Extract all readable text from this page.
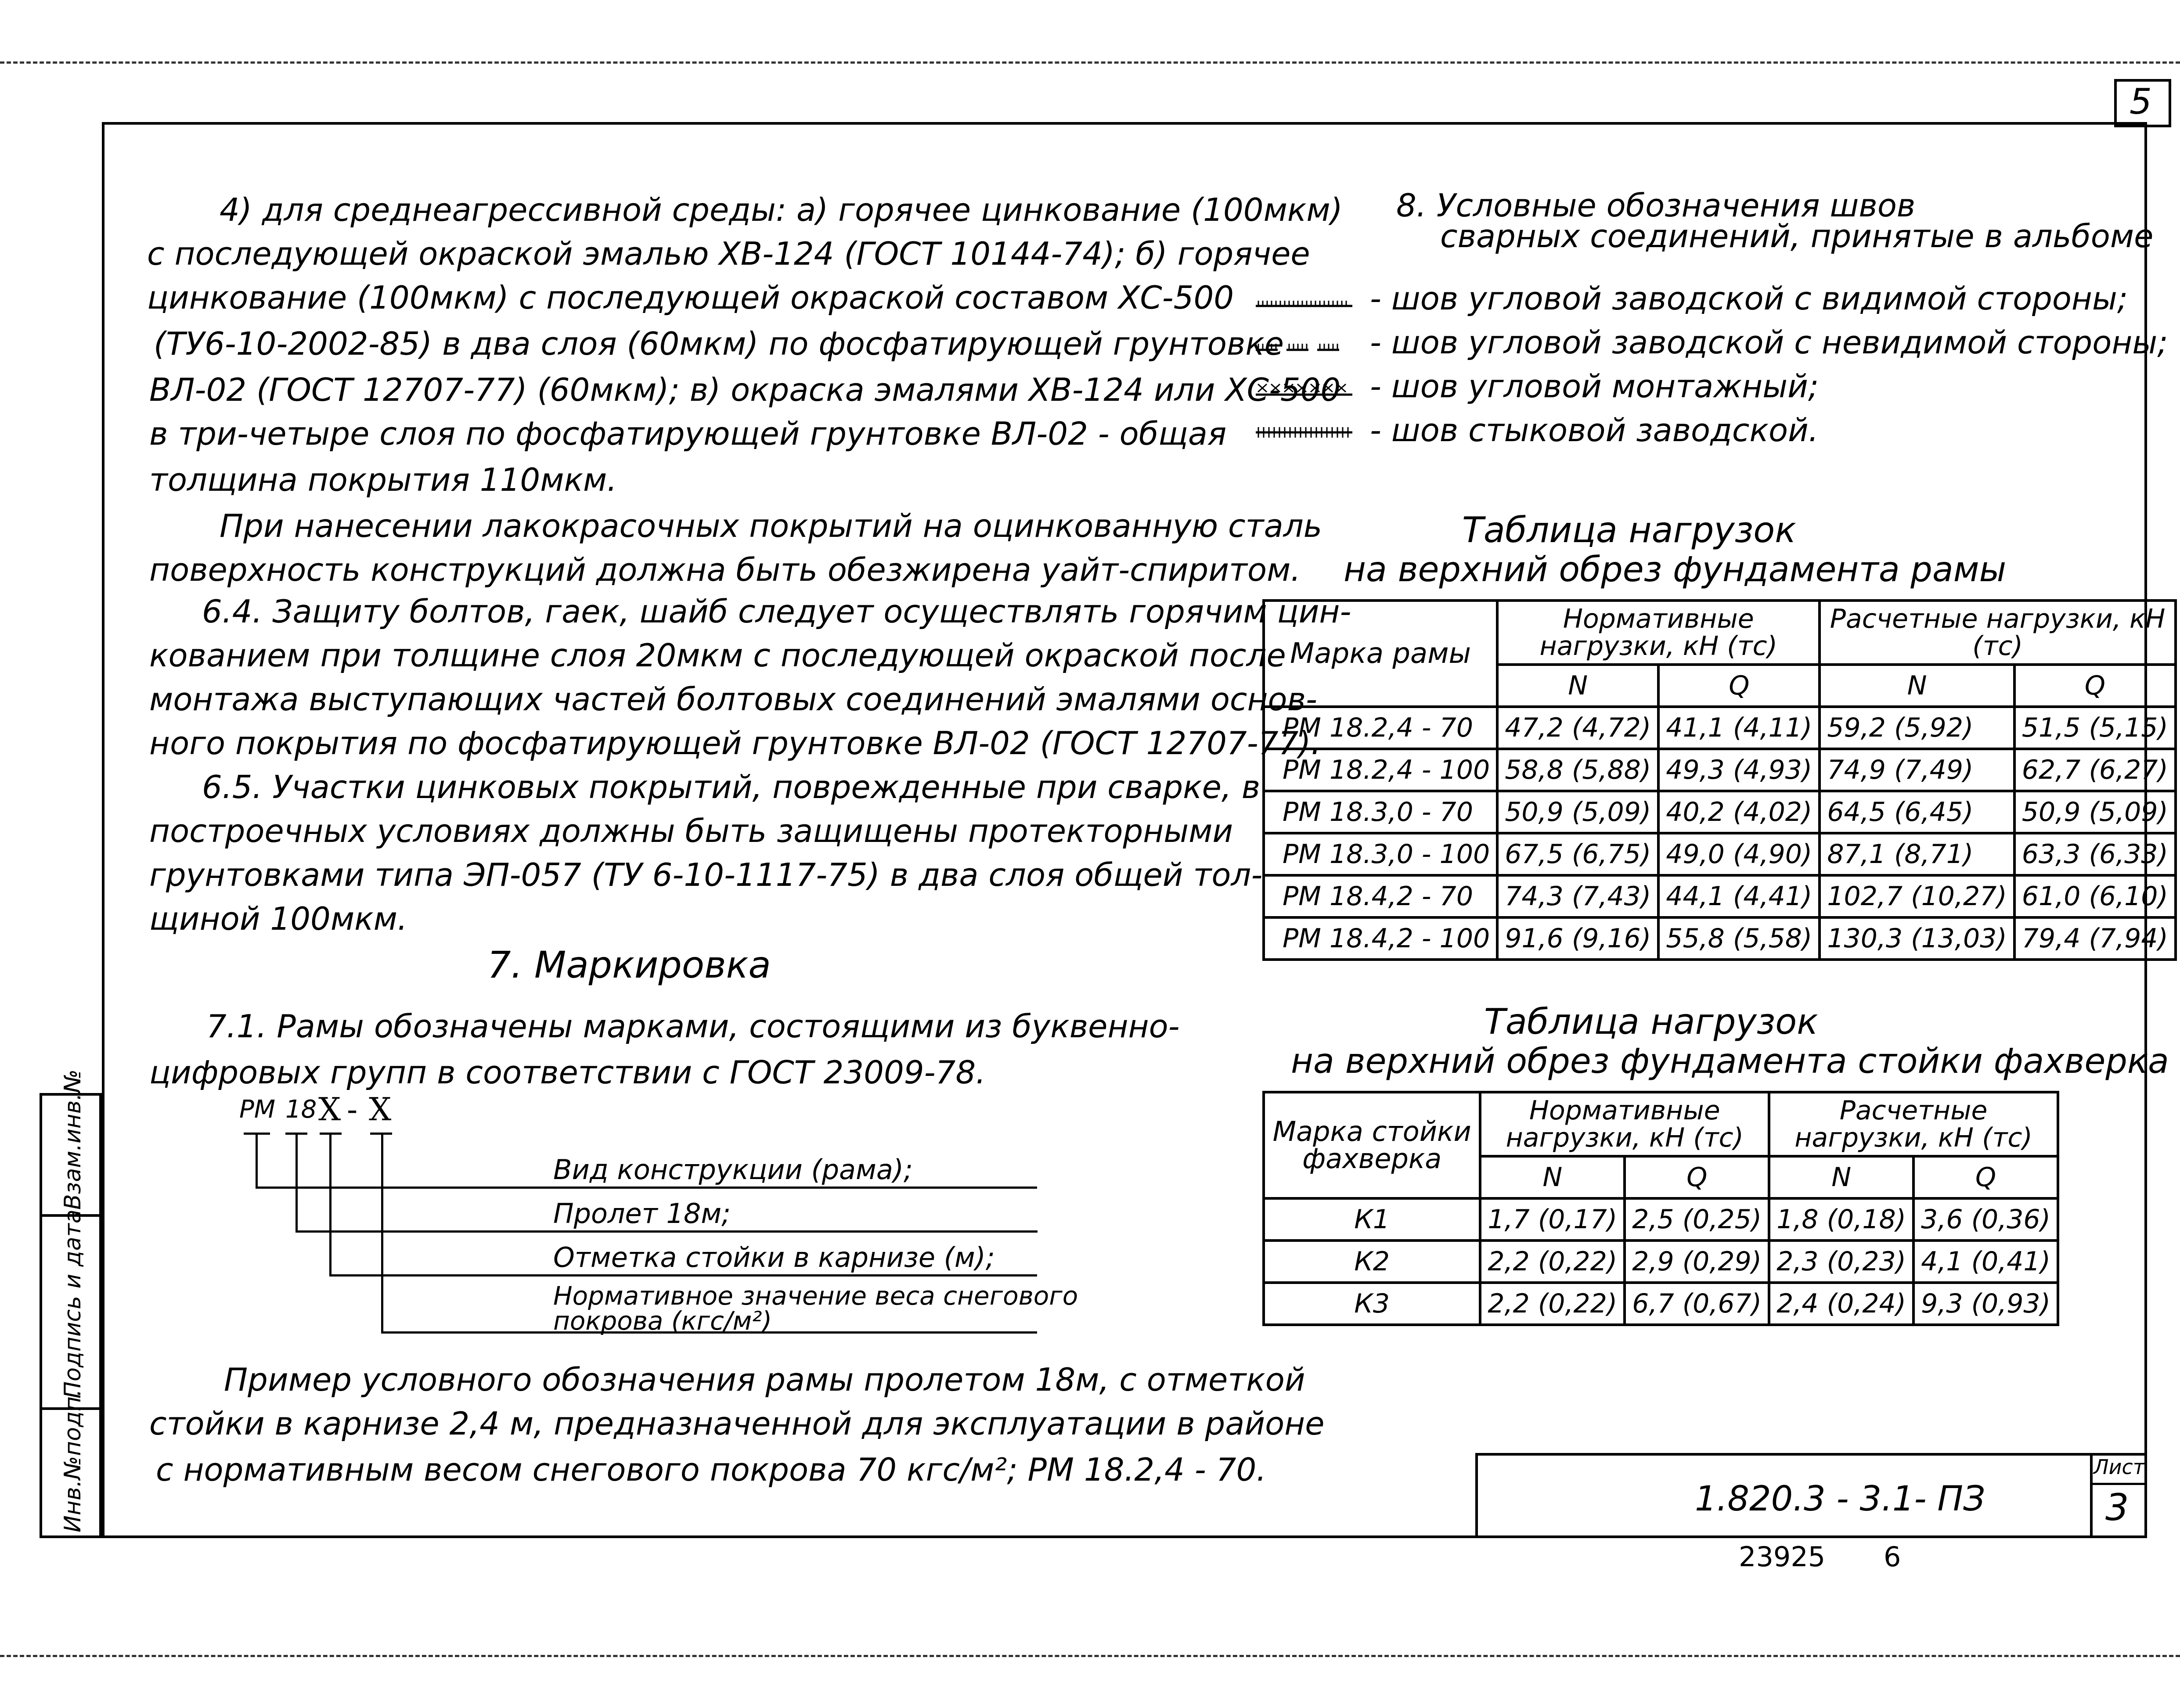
5
Взам.инв.№
Подпись и дата
Инв.№подп.

4) для среднеагрессивной среды: а) горячее цинкование (100мкм)

с последующей окраской эмалью ХВ-124 (ГОСТ 10144-74); б) горячее

цинкование (100мкм) с последующей окраской составом ХС-500

(ТУ6-10-2002-85) в два слоя (60мкм) по фосфатирующей грунтовке

ВЛ-02 (ГОСТ 12707-77) (60мкм); в) окраска эмалями ХВ-124 или ХС-500

в три-четыре слоя по фосфатирующей грунтовке ВЛ-02 - общая

толщина покрытия 110мкм.

При нанесении лакокрасочных покрытий на оцинкованную сталь

поверхность конструкций должна быть обезжирена уайт-спиритом.

6.4. Защиту болтов, гаек, шайб следует осуществлять горячим цин-

кованием при толщине слоя 20мкм с последующей окраской после

монтажа выступающих частей болтовых соединений эмалями основ-

ного покрытия по фосфатирующей грунтовке ВЛ-02 (ГОСТ 12707-77).

6.5. Участки цинковых покрытий, поврежденные при сварке, в

построечных условиях должны быть защищены протекторными

грунтовками типа ЭП-057 (ТУ 6-10-1117-75) в два слоя общей тол-

щиной 100мкм.

7. Маркировка

7.1. Рамы обозначены марками, состоящими из буквенно-

цифровых групп в соответствии с ГОСТ 23009-78.

РМ 18 Х - Х
Вид конструкции (рама);
Пролет 18м;
Отметка стойки в карнизе (м);
Нормативное значение веса снегового
покрова (кгс/м²)

Пример условного обозначения рамы пролетом 18м, с отметкой

стойки в карнизе 2,4 м, предназначенной для эксплуатации в районе

с нормативным весом снегового покрова 70 кгс/м²; РМ 18.2,4 - 70.

8. Условные обозначения швов

сварных соединений, принятые в альбоме

- шов угловой заводской с видимой стороны;
- шов угловой заводской с невидимой стороны;
- шов угловой монтажный;
- шов стыковой заводской.

Таблица нагрузок

на верхний обрез фундамента рамы

Марка рамы	Нормативные нагрузки, кН (тс)		Расчетные нагрузки, кН (тс)	
	N	Q	N	Q
РМ 18.2,4 - 70	47,2 (4,72)	41,1 (4,11)	59,2 (5,92)	51,5 (5,15)
РМ 18.2,4 - 100	58,8 (5,88)	49,3 (4,93)	74,9 (7,49)	62,7 (6,27)
РМ 18.3,0 - 70	50,9 (5,09)	40,2 (4,02)	64,5 (6,45)	50,9 (5,09)
РМ 18.3,0 - 100	67,5 (6,75)	49,0 (4,90)	87,1 (8,71)	63,3 (6,33)
РМ 18.4,2 - 70	74,3 (7,43)	44,1 (4,41)	102,7 (10,27)	61,0 (6,10)
РМ 18.4,2 - 100	91,6 (9,16)	55,8 (5,58)	130,3 (13,03)	79,4 (7,94)

Таблица нагрузок

на верхний обрез фундамента стойки фахверка

Марка стойки фахверка	Нормативные нагрузки, кН (тс)		Расчетные нагрузки, кН (тс)	
	N	Q	N	Q
К1	1,7 (0,17)	2,5 (0,25)	1,8 (0,18)	3,6 (0,36)
К2	2,2 (0,22)	2,9 (0,29)	2,3 (0,23)	4,1 (0,41)
К3	2,2 (0,22)	6,7 (0,67)	2,4 (0,24)	9,3 (0,93)
Лист
3
1.820.3 - 3.1- ПЗ
23925 6
